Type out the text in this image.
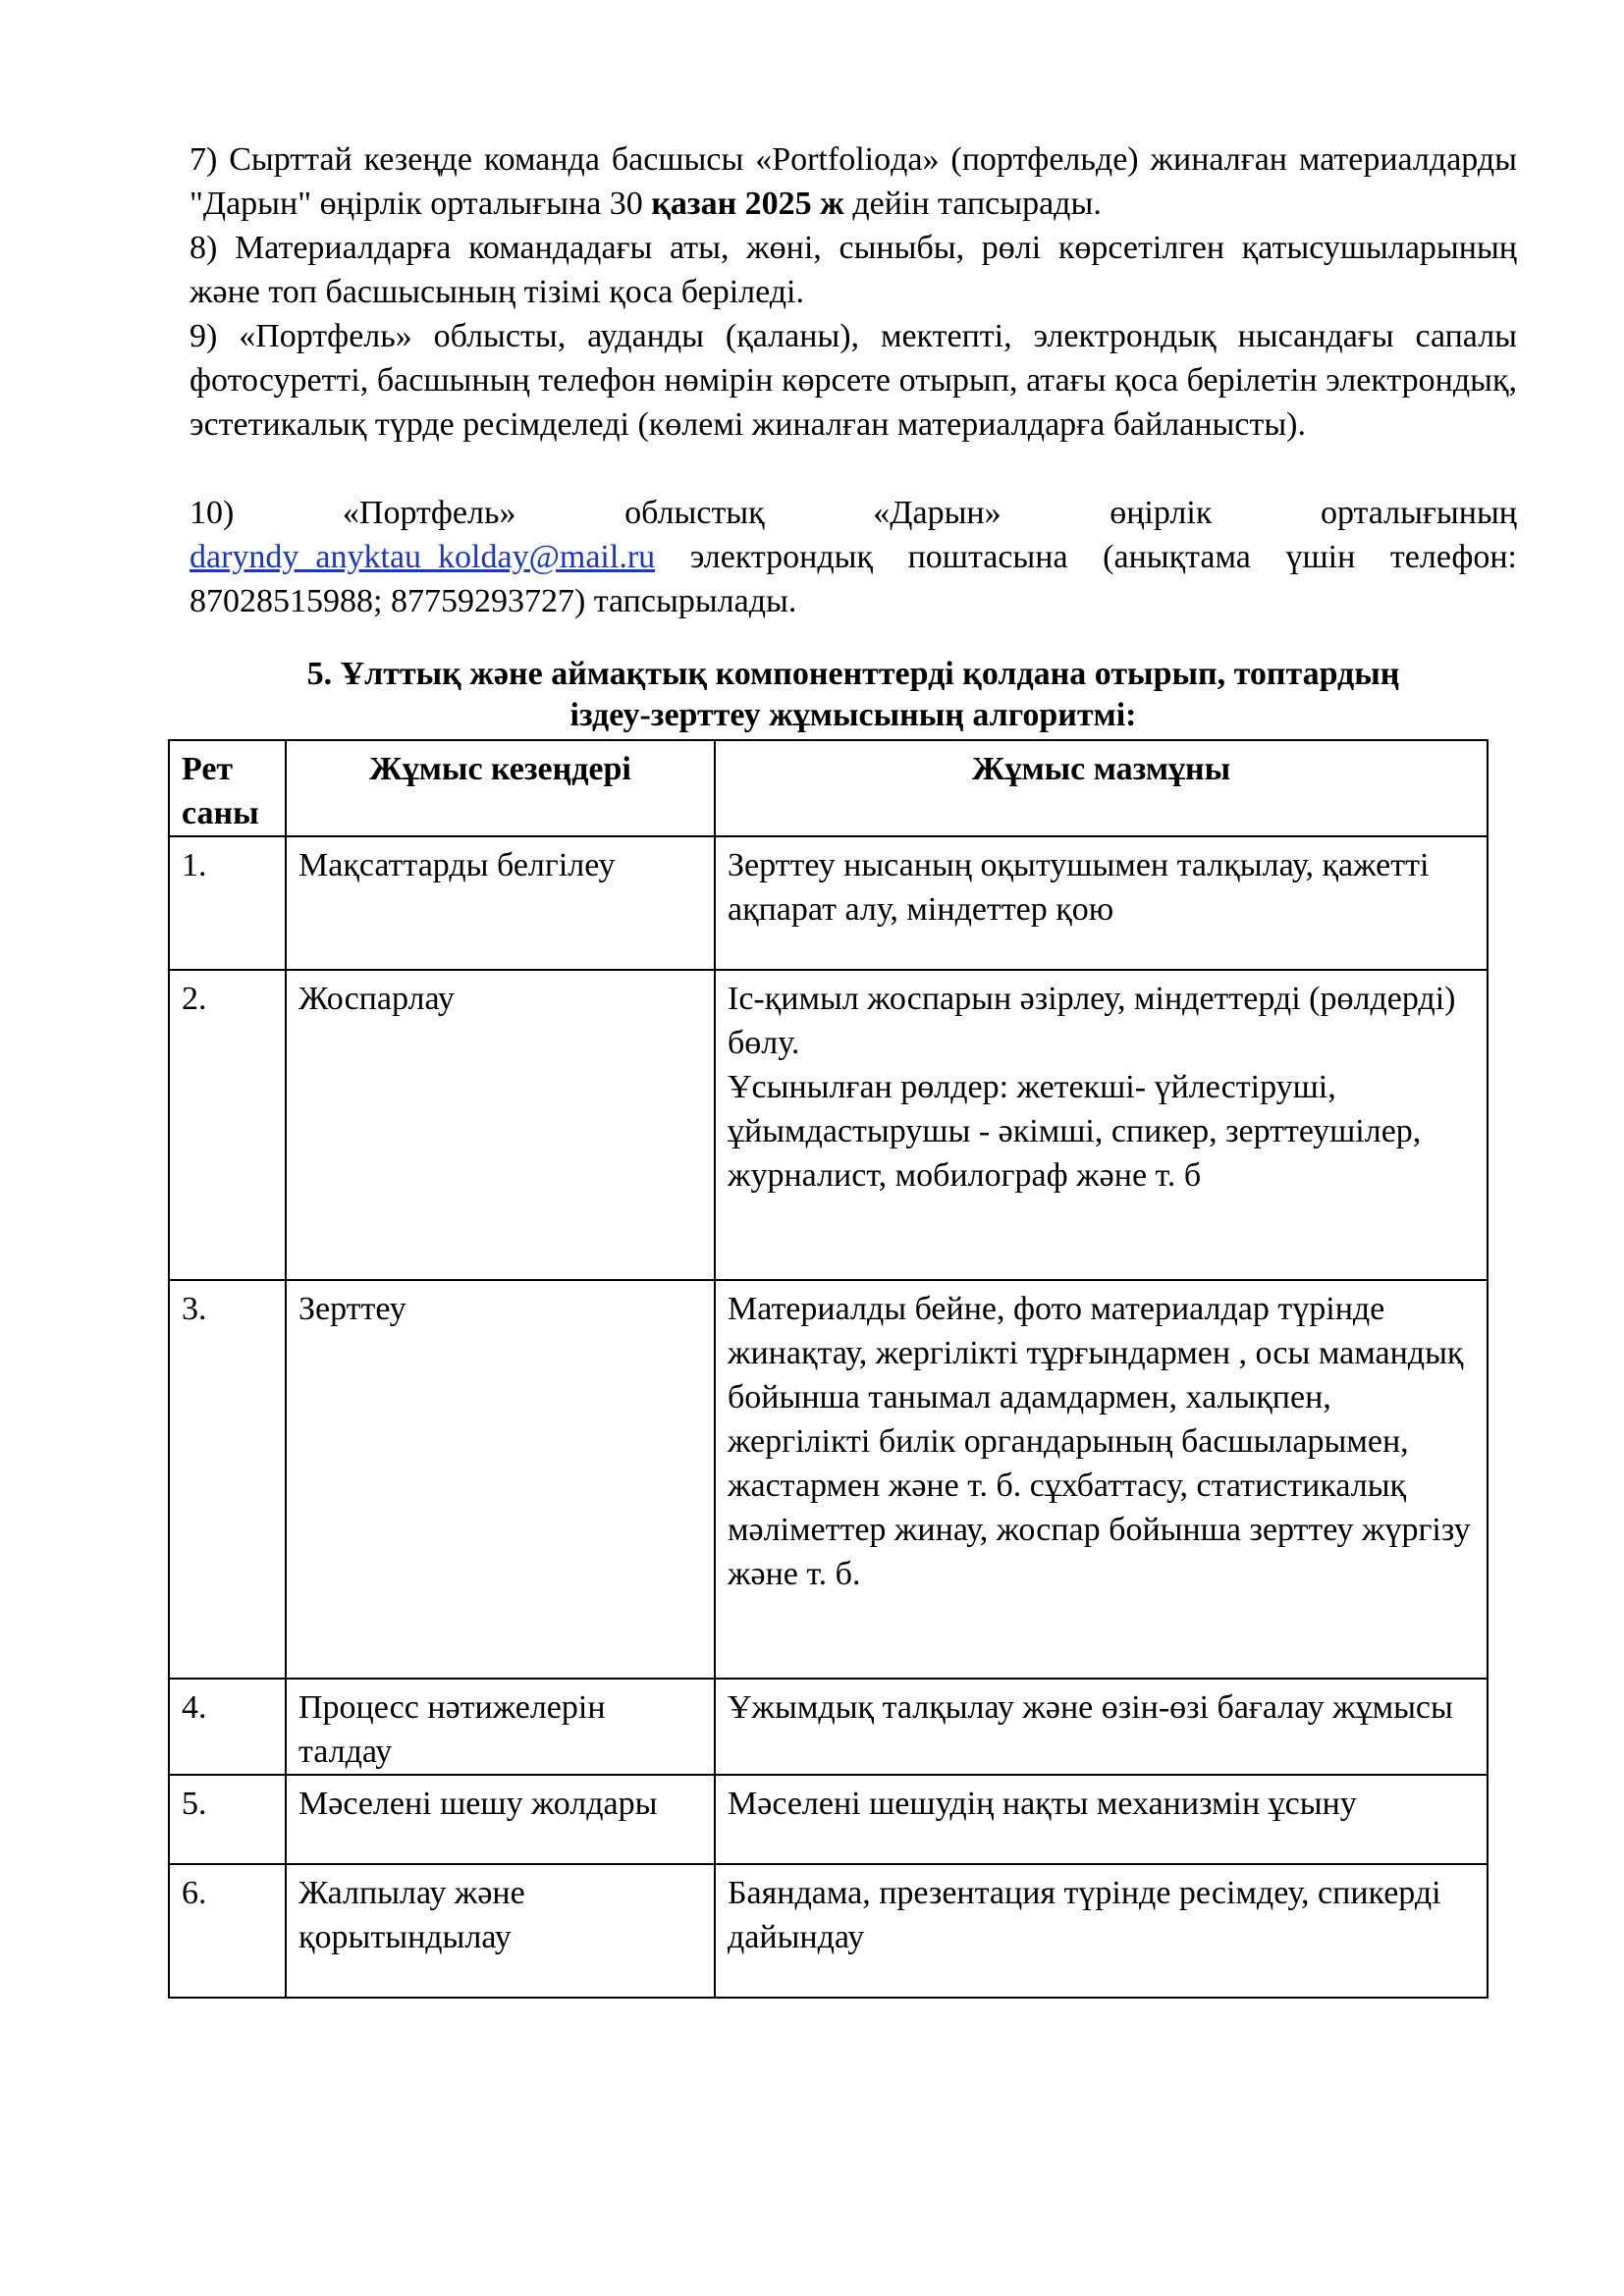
7) Сырттай кезеңде команда басшысы «Portfolioда» (портфельде) жиналған материалдарды "Дарын" өңірлік орталығына 30 қазан 2025 ж дейін тапсырады.

8) Материалдарға командадағы аты, жөні, сыныбы, рөлі көрсетілген қатысушыларының және топ басшысының тізімі қоса беріледі.

9) «Портфель» облысты, ауданды (қаланы), мектепті, электрондық нысандағы сапалы фотосуретті, басшының телефон нөмірін көрсете отырып, атағы қоса берілетін электрондық, эстетикалық түрде ресімделеді (көлемі жиналған материалдарға байланысты).

10) «Портфель» облыстық «Дарын» өңірлік орталығының
daryndy_anyktau_kolday@mail.ru электрондық поштасына (анықтама үшін телефон: 87028515988; 87759293727) тапсырылады.
5. Ұлттық және аймақтық компоненттерді қолдана отырып, топтардың
іздеу-зерттеу жұмысының алгоритмі:
Рет саны	Жұмыс кезеңдері	Жұмыс мазмұны
1.	Мақсаттарды белгілеу	Зерттеу нысаның оқытушымен талқылау, қажетті ақпарат алу, міндеттер қою
2.	Жоспарлау	Іс-қимыл жоспарын әзірлеу, міндеттерді (рөлдерді) бөлу.
Ұсынылған рөлдер: жетекші- үйлестіруші, ұйымдастырушы - әкімші, спикер, зерттеушілер, журналист, мобилограф және т. б

3.	Зерттеу	Материалды бейне, фото материалдар түрінде жинақтау, жергілікті тұрғындармен , осы мамандық бойынша танымал адамдармен, халықпен, жергілікті билік органдарының басшыларымен, жастармен және т. б. сұхбаттасу, статистикалық мәліметтер жинау, жоспар бойынша зерттеу жүргізу және т. б.
4.	Процесс нәтижелерін талдау	Ұжымдық талқылау және өзін-өзі бағалау жұмысы
5.	Мәселені шешу жолдары	Мәселені шешудің нақты механизмін ұсыну
6.	Жалпылау және қорытындылау	Баяндама, презентация түрінде ресімдеу, спикерді дайындау
